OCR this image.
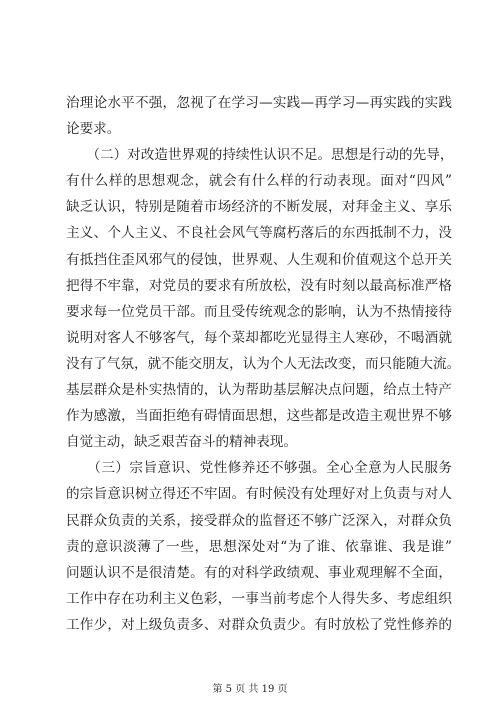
治理论水平不强，忽视了在学习—实践—再学习—再实践的实践
论要求。
　　（二）对改造世界观的持续性认识不足。思想是行动的先导，
有什么样的思想观念，就会有什么样的行动表现。面对“四风”
缺乏认识，特别是随着市场经济的不断发展，对拜金主义、享乐
主义、个人主义、不良社会风气等腐朽落后的东西抵制不力，没
有抵挡住歪风邪气的侵蚀，世界观、人生观和价值观这个总开关
把得不牢靠，对党员的要求有所放松，没有时刻以最高标准严格
要求每一位党员干部。而且受传统观念的影响，认为不热情接待
说明对客人不够客气，每个菜却都吃光显得主人寒砂，不喝酒就
没有了气氛，就不能交朋友，认为个人无法改变，而只能随大流。
基层群众是朴实热情的，认为帮助基层解决点问题，给点土特产
作为感激，当面拒绝有碍情面思想，这些都是改造主观世界不够
自觉主动，缺乏艰苦奋斗的精神表现。
　　（三）宗旨意识、党性修养还不够强。全心全意为人民服务
的宗旨意识树立得还不牢固。有时候没有处理好对上负责与对人
民群众负责的关系，接受群众的监督还不够广泛深入，对群众负
责的意识淡薄了一些，思想深处对“为了谁、依靠谁、我是谁”
问题认识不是很清楚。有的对科学政绩观、事业观理解不全面，
工作中存在功利主义色彩，一事当前考虑个人得失多、考虑组织
工作少，对上级负责多、对群众负责少。有时放松了党性修养的
第 5 页 共 19 页
